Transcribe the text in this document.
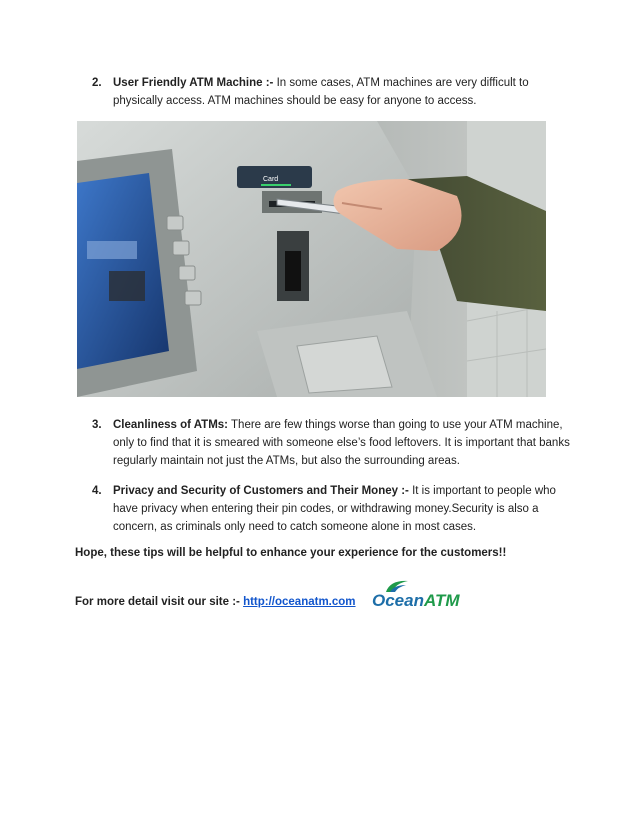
2. User Friendly ATM Machine :- In some cases, ATM machines are very difficult to physically access. ATM machines should be easy for anyone to access.
Card
3. Cleanliness of ATMs: There are few things worse than going to use your ATM machine, only to find that it is smeared with someone else’s food leftovers. It is important that banks regularly maintain not just the ATMs, but also the surrounding areas.
4. Privacy and Security of Customers and Their Money :- It is important to people who have privacy when entering their pin codes, or withdrawing money.Security is also a concern, as criminals only need to catch someone alone in most cases.
Hope, these tips will be helpful to enhance your experience for the customers!!
For more detail visit our site :- http://oceanatm.com OceanATM
